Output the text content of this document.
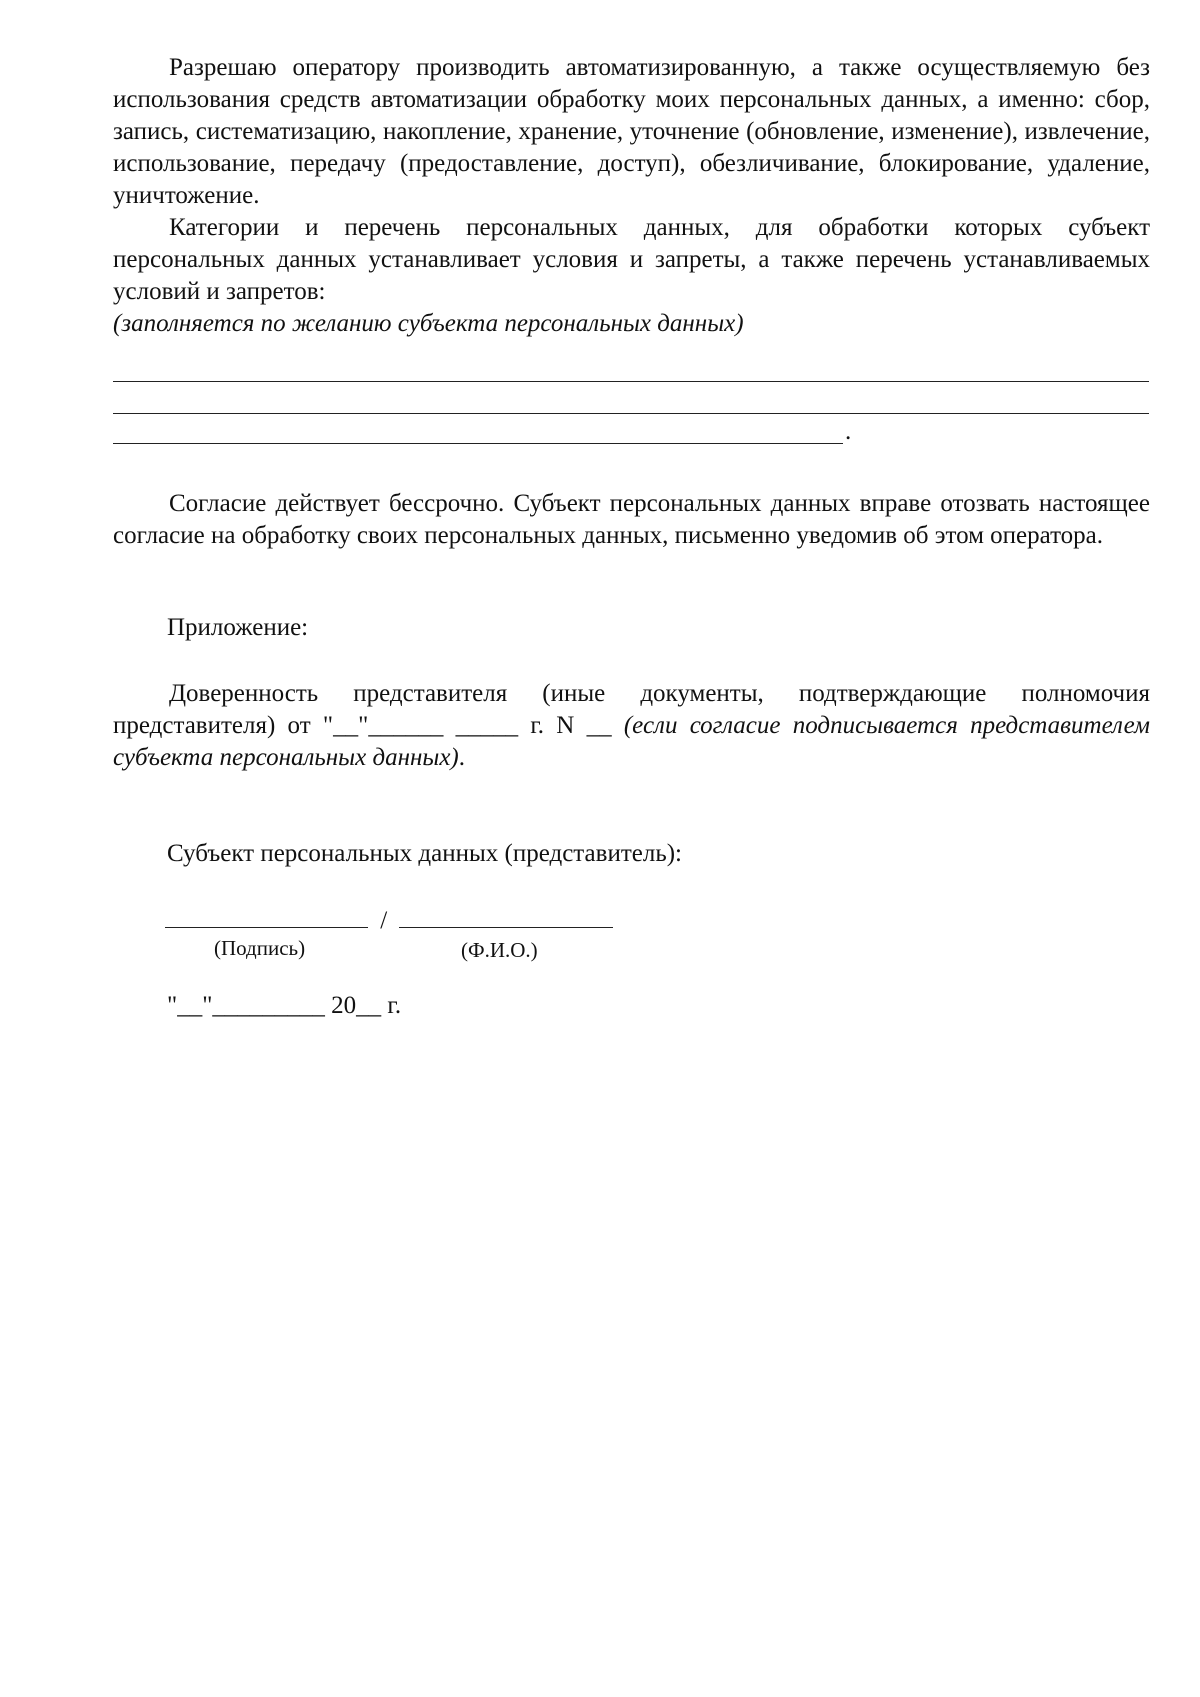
Разрешаю оператору производить автоматизированную, а также осуществляемую без использования средств автоматизации обработку моих персональных данных, а именно: сбор, запись, систематизацию, накопление, хранение, уточнение (обновление, изменение), извлечение, использование, передачу (предоставление, доступ), обезличивание, блокирование, удаление, уничтожение.

Категории и перечень персональных данных, для обработки которых субъект персональных данных устанавливает условия и запреты, а также перечень устанавливаемых условий и запретов:

(заполняется по желанию субъекта персональных данных)

.

Согласие действует бессрочно. Субъект персональных данных вправе отозвать настоящее согласие на обработку своих персональных данных, письменно уведомив об этом оператора.

Приложение:

Доверенность представителя (иные документы, подтверждающие полномочия представителя) от "__"______ _____ г. N __ (если согласие подписывается представителем субъекта персональных данных).

Субъект персональных данных (представитель):
/
(Подпись)	(Ф.И.О.)
"__"_________ 20__ г.
